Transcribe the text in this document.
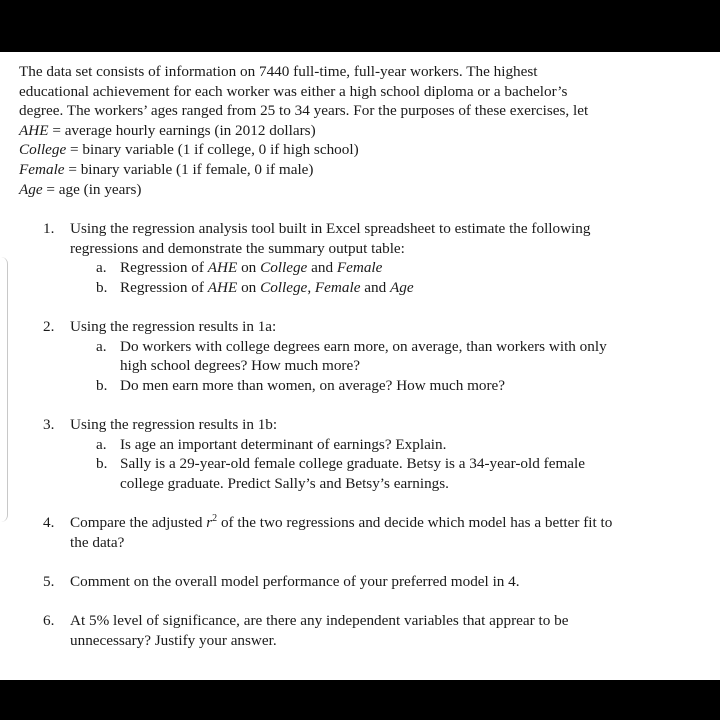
The data set consists of information on 7440 full-time, full-year workers. The highest
educational achievement for each worker was either a high school diploma or a bachelor’s
degree. The workers’ ages ranged from 25 to 34 years. For the purposes of these exercises, let
AHE = average hourly earnings (in 2012 dollars)
College = binary variable (1 if college, 0 if high school)
Female = binary variable (1 if female, 0 if male)
Age = age (in years)
1. Using the regression analysis tool built in Excel spreadsheet to estimate the following
regressions and demonstrate the summary output table:
a. Regression of AHE on College and Female
b. Regression of AHE on College, Female and Age
2. Using the regression results in 1a:
a. Do workers with college degrees earn more, on average, than workers with only
high school degrees? How much more?
b. Do men earn more than women, on average? How much more?
3. Using the regression results in 1b:
a. Is age an important determinant of earnings? Explain.
b. Sally is a 29-year-old female college graduate. Betsy is a 34-year-old female
college graduate. Predict Sally’s and Betsy’s earnings.
4. Compare the adjusted $r^2$ of the two regressions and decide which model has a better fit to
the data?
5. Comment on the overall model performance of your preferred model in 4.
6. At 5% level of significance, are there any independent variables that apprear to be
unnecessary? Justify your answer.
